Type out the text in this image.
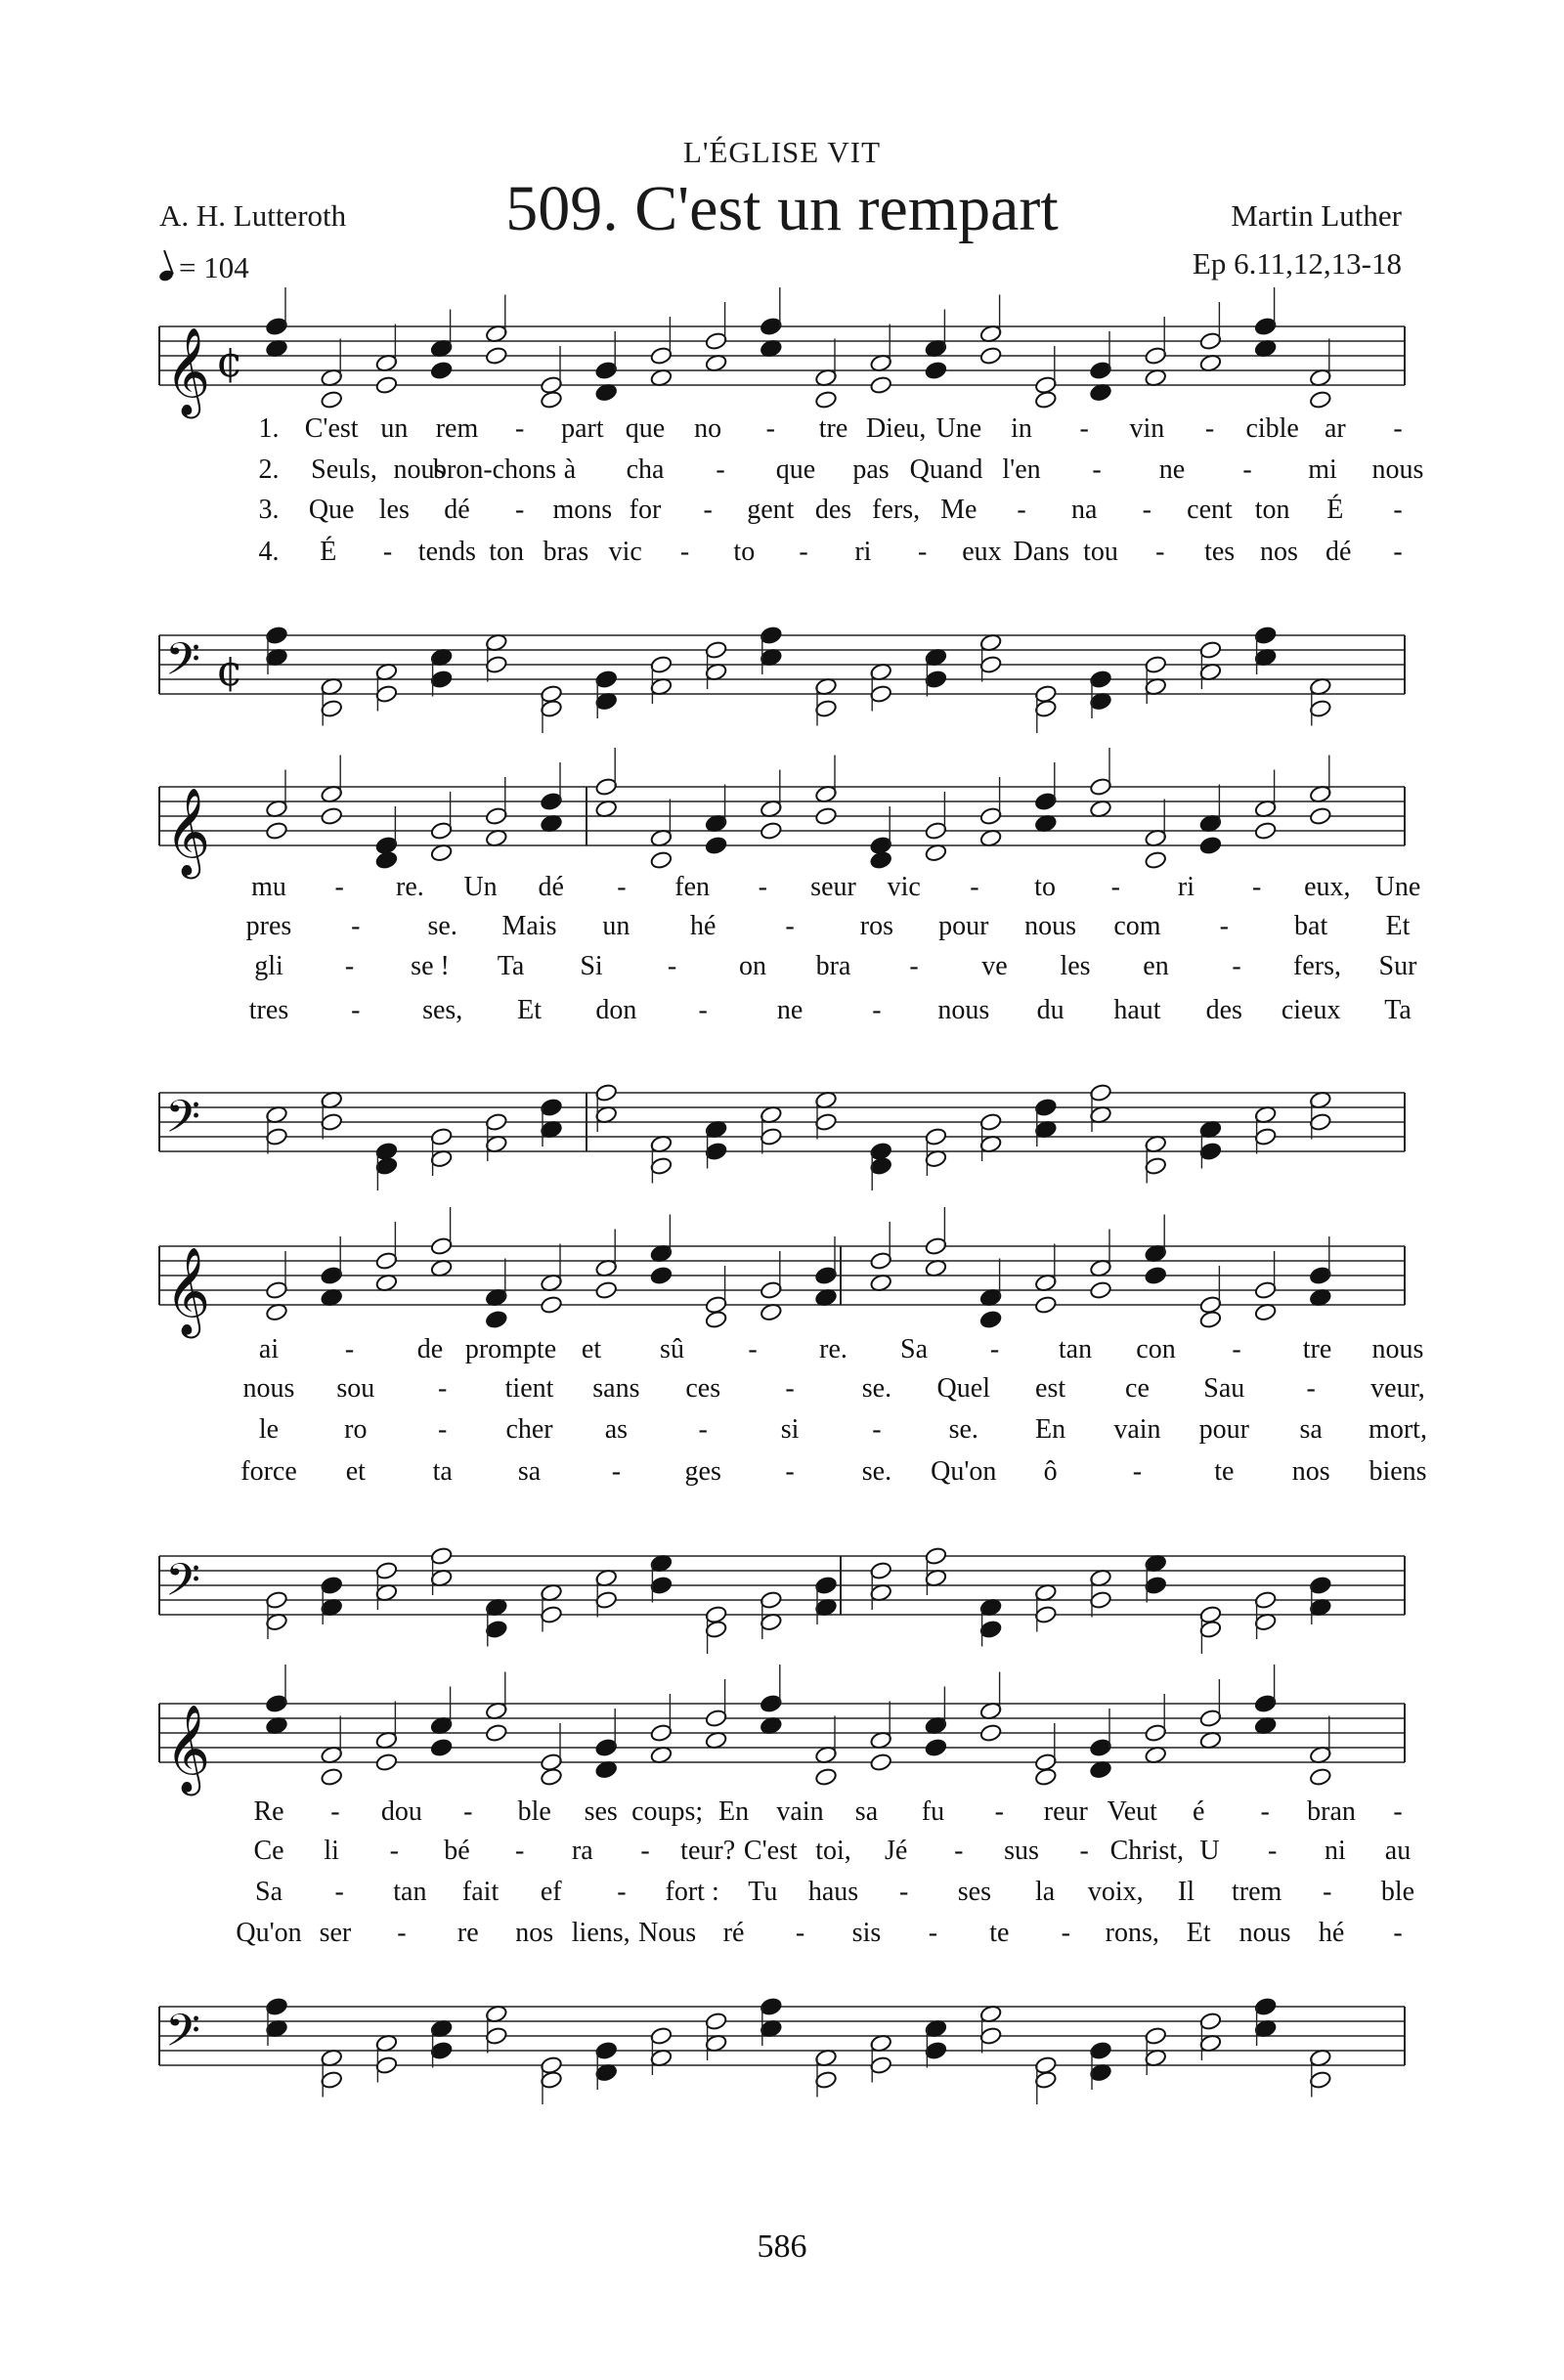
L'ÉGLISE VIT
A. H. Lutteroth	509. C'est un rempart	Martin Luther
Ep 6.11,12,13-18
= 104
𝄞 ¢
𝄢 ¢
𝄞
𝄢
𝄞
𝄢
𝄞
𝄢
1. C'est un rem - part que no - tre Dieu, Une in - vin - cible ar -
2. Seuls, nous
bron-chons à cha - que pas Quand l'en - ne - mi nous
3. Que les dé - mons for - gent des fers, Me - na - cent ton É -
4. É - tends ton bras vic - to - ri - eux Dans tou - tes nos dé -
mu - re. Un dé - fen - seur vic - to - ri - eux, Une
pres - se. Mais un hé	- ros pour nous com - bat Et
gli - se ! Ta Si - on bra - ve les en - fers, Sur
tres - ses, Et don -	ne	- nous du haut des cieux Ta
ai - de prompte et sû - re. Sa - tan con - tre nous
nous sou - tient sans ces - se. Quel est ce Sau - veur,
le ro	- cher as	-	si	- se. En vain pour sa mort,
force et ta sa	- ges - se. Qu'on ô	-	te nos biens
Re - dou - ble ses coups; En vain sa fu - reur Veut é - bran -
Ce li - bé - ra - teur? C'est toi, Jé - sus - Christ, U - ni au
Sa - tan fait ef - fort : Tu haus - ses la voix, Il trem - ble
Qu'on ser - re nos liens, Nous ré - sis - te - rons, Et nous hé -
586
